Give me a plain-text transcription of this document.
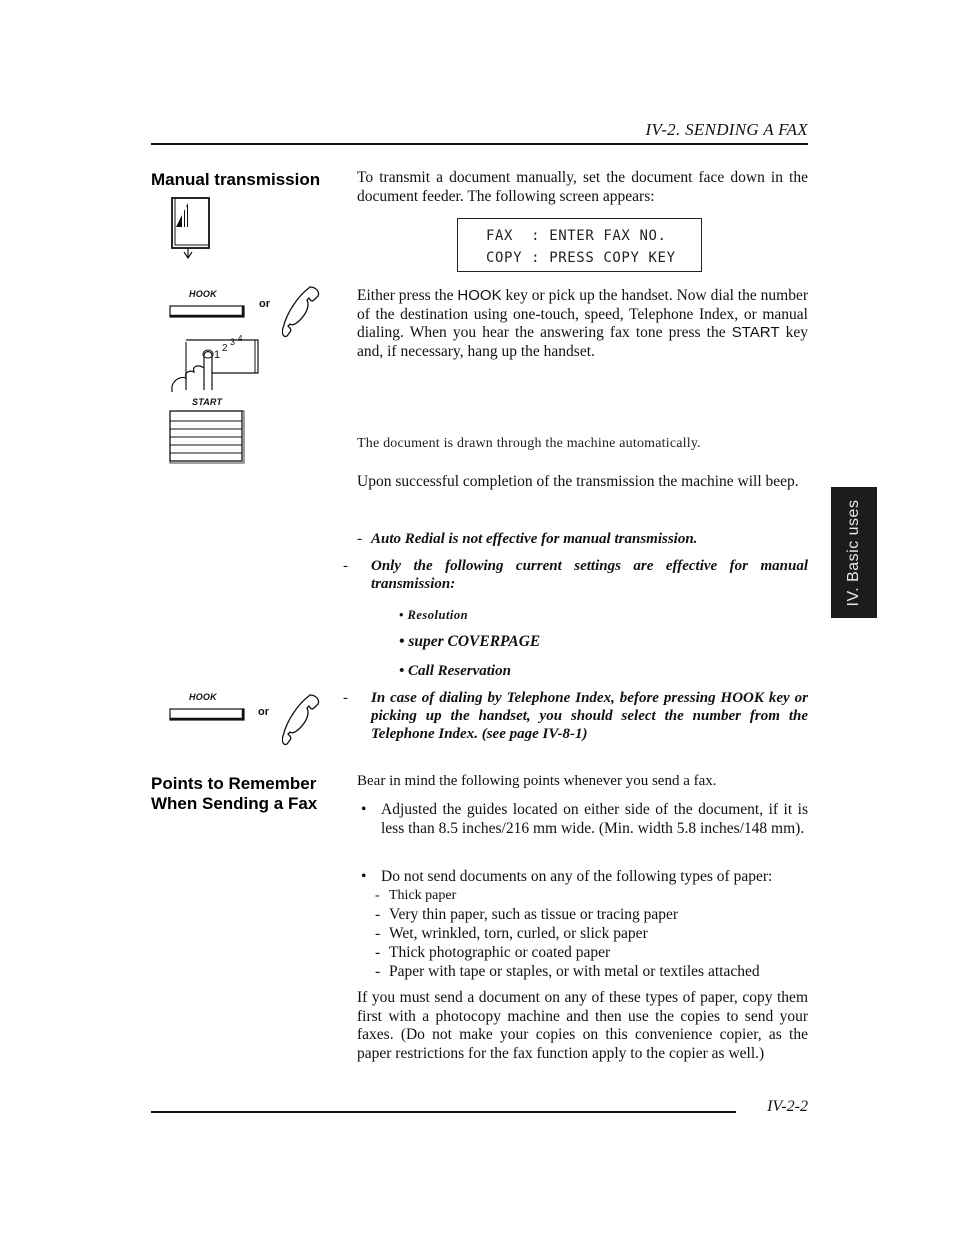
IV-2. SENDING A FAX
Manual transmission
HOOK
or
1
2
3 4
START
HOOK
or
To transmit a document manually, set the document face down in the document feeder. The following screen appears:
FAX  : ENTER FAX NO.
COPY : PRESS COPY KEY
Either press the HOOK key or pick up the handset. Now dial the number of the destination using one-touch, speed, Telephone Index, or manual dialing. When you hear the answering fax tone press the START key and, if necessary, hang up the handset.
The document is drawn through the machine automatically.
Upon successful completion of the transmission the machine will beep.
- Auto Redial is not effective for manual transmission.
- Only the following current settings are effective for manual transmission:
• Resolution
• super COVERPAGE
• Call Reservation
- In case of dialing by Telephone Index, before pressing HOOK key or picking up the handset, you should select the number from the Telephone Index. (see page IV-8-1)
Points to Remember When Sending a Fax
Bear in mind the following points whenever you send a fax.
• Adjusted the guides located on either side of the document, if it is less than 8.5 inches/216 mm wide. (Min. width 5.8 inches/148 mm).
• Do not send documents on any of the following types of paper:
- Thick paper
- Very thin paper, such as tissue or tracing paper
- Wet, wrinkled, torn, curled, or slick paper
- Thick photographic or coated paper
- Paper with tape or staples, or with metal or textiles attached
If you must send a document on any of these types of paper, copy them first with a photocopy machine and then use the copies to send your faxes. (Do not make your copies on this convenience copier, as the paper restrictions for the fax function apply to the copier as well.)
IV. Basic uses
IV-2-2
